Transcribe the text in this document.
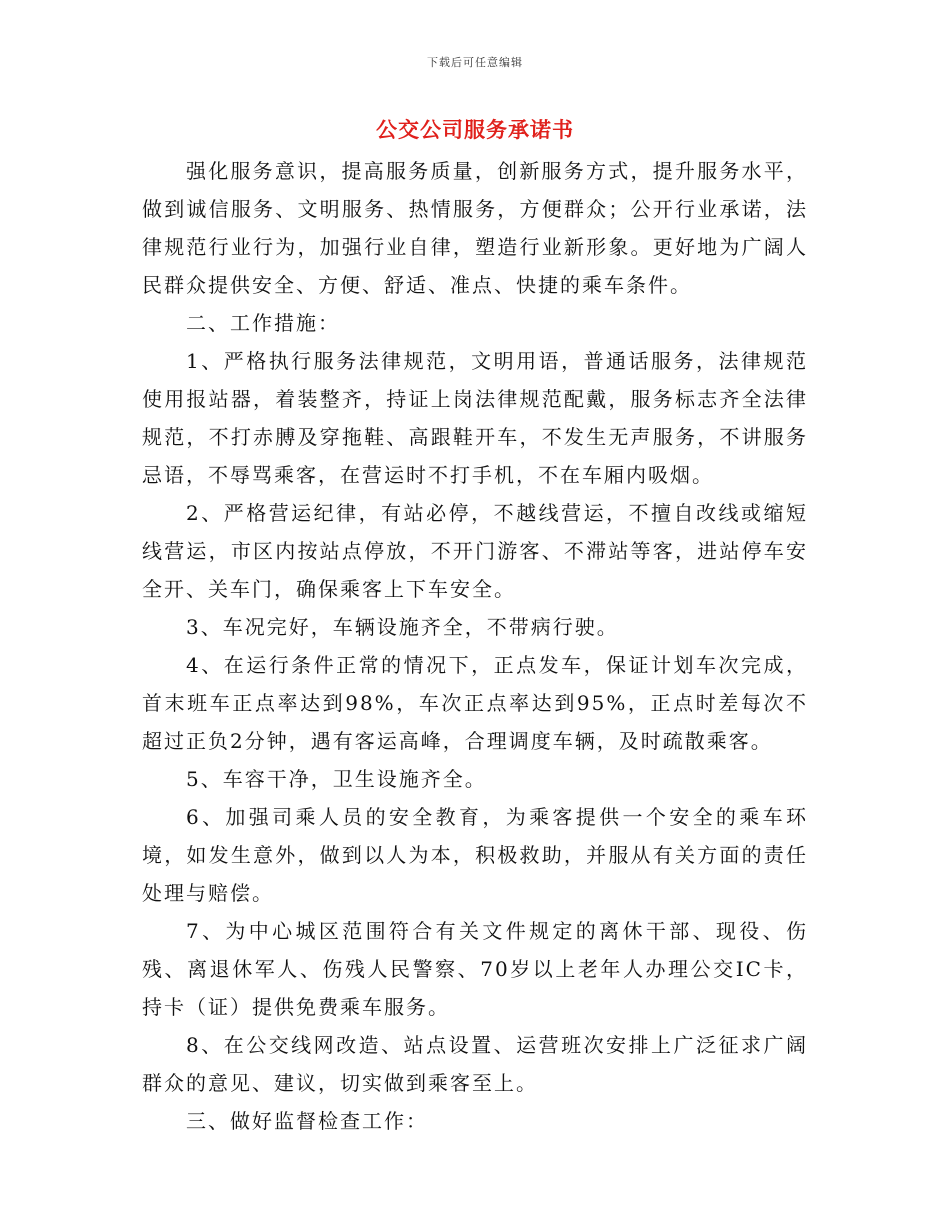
下载后可任意编辑
公交公司服务承诺书

强化服务意识，提高服务质量，创新服务方式，提升服务水平，做到诚信服务、文明服务、热情服务，方便群众；公开行业承诺，法律规范行业行为，加强行业自律，塑造行业新形象。更好地为广阔人民群众提供安全、方便、舒适、准点、快捷的乘车条件。

二、工作措施：

1、严格执行服务法律规范，文明用语，普通话服务，法律规范使用报站器，着装整齐，持证上岗法律规范配戴，服务标志齐全法律规范，不打赤膊及穿拖鞋、高跟鞋开车，不发生无声服务，不讲服务忌语，不辱骂乘客，在营运时不打手机，不在车厢内吸烟。

2、严格营运纪律，有站必停，不越线营运，不擅自改线或缩短线营运，市区内按站点停放，不开门游客、不滞站等客，进站停车安全开、关车门，确保乘客上下车安全。

3、车况完好，车辆设施齐全，不带病行驶。

4、在运行条件正常的情况下，正点发车，保证计划车次完成，首末班车正点率达到98%，车次正点率达到95%，正点时差每次不超过正负2分钟，遇有客运高峰，合理调度车辆，及时疏散乘客。

5、车容干净，卫生设施齐全。

6、加强司乘人员的安全教育，为乘客提供一个安全的乘车环境，如发生意外，做到以人为本，积极救助，并服从有关方面的责任处理与赔偿。

7、为中心城区范围符合有关文件规定的离休干部、现役、伤残、离退休军人、伤残人民警察、70岁以上老年人办理公交IC卡，持卡（证）提供免费乘车服务。

8、在公交线网改造、站点设置、运营班次安排上广泛征求广阔群众的意见、建议，切实做到乘客至上。

三、做好监督检查工作：
